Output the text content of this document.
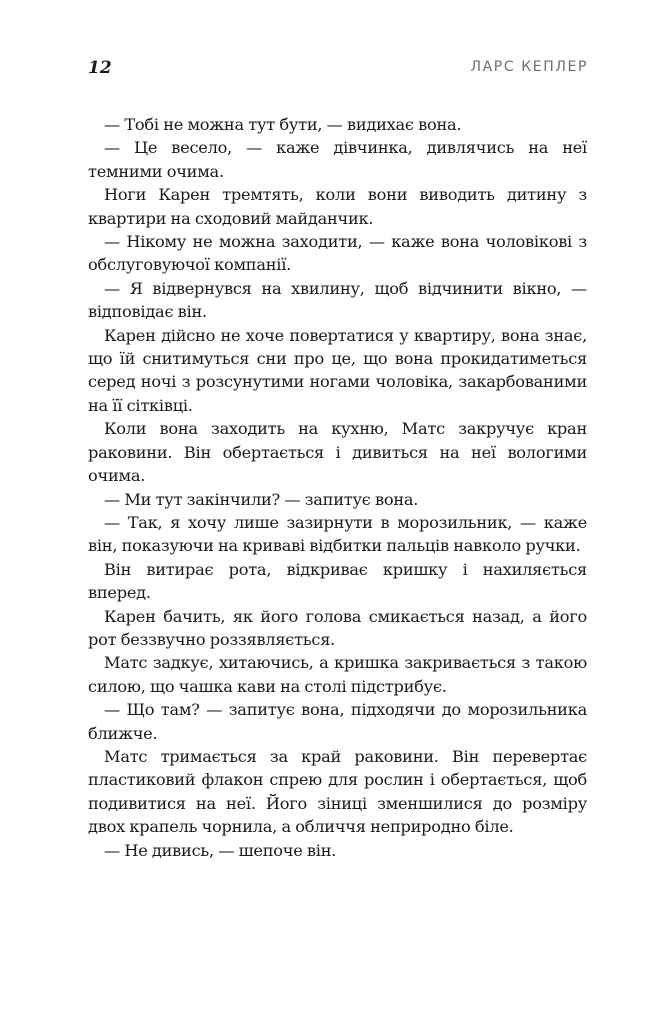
12	ЛАРС КЕПЛЕР

— Тобі не можна тут бути, — видихає вона.

— Це весело, — каже дівчинка, дивлячись на неї темними очима.

Ноги Карен тремтять, коли вони виводить дитину з квартири на сходовий майданчик.

— Нікому не можна заходити, — каже вона чоловікові з обслуговуючої компанії.

— Я відвернувся на хвилину, щоб відчинити вікно, — відповідає він.

Карен дійсно не хоче повертатися у квартиру, вона знає, що їй снитимуться сни про це, що вона прокидатиметься серед ночі з розсунутими ногами чоловіка, закарбованими на її сітківці.

Коли вона заходить на кухню, Матс закручує кран раковини. Він обертається і дивиться на неї вологими очима.

— Ми тут закінчили? — запитує вона.

— Так, я хочу лише зазирнути в морозильник, — каже він, показуючи на криваві відбитки пальців навколо ручки.

Він витирає рота, відкриває кришку і нахиляється вперед.

Карен бачить, як його голова смикається назад, а його рот беззвучно роззявляється.

Матс задкує, хитаючись, а кришка закривається з такою силою, що чашка кави на столі підстрибує.

— Що там? — запитує вона, підходячи до морозильника ближче.

Матс тримається за край раковини. Він перевертає пластиковий флакон спрею для рослин і обертається, щоб подивитися на неї. Його зіниці зменшилися до розміру двох крапель чорнила, а обличчя неприродно біле.

— Не дивись, — шепоче він.
